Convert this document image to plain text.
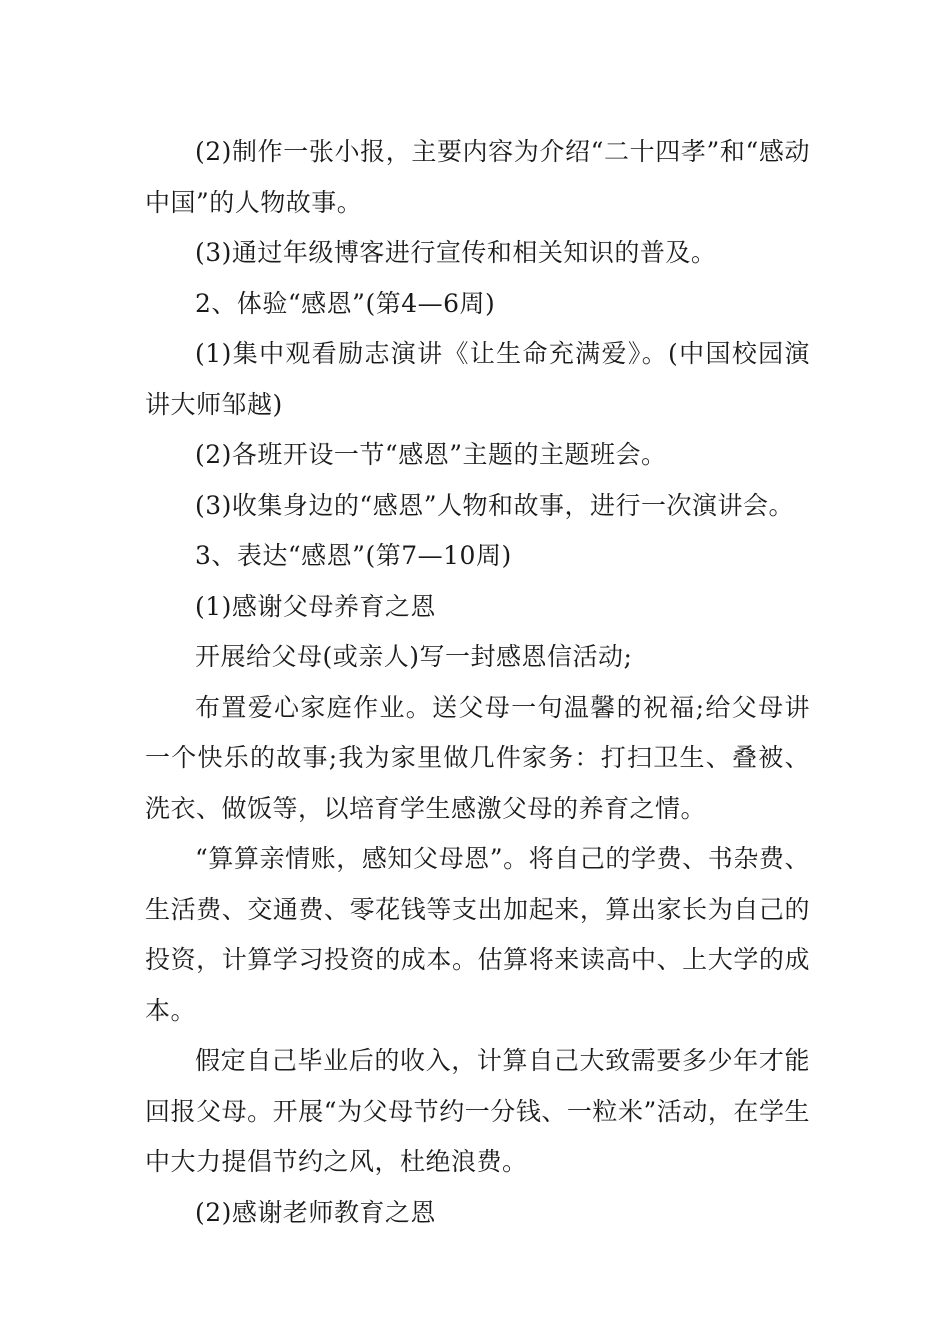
(2)制作一张小报，主要内容为介绍“二十四孝”和“感动中国”的人物故事。

(3)通过年级博客进行宣传和相关知识的普及。

2、体验“感恩”(第4—6周)

(1)集中观看励志演讲《让生命充满爱》。(中国校园演讲大师邹越)

(2)各班开设一节“感恩”主题的主题班会。

(3)收集身边的“感恩”人物和故事，进行一次演讲会。

3、表达“感恩”(第7—10周)

(1)感谢父母养育之恩

开展给父母(或亲人)写一封感恩信活动;

布置爱心家庭作业。送父母一句温馨的祝福;给父母讲一个快乐的故事;我为家里做几件家务：打扫卫生、叠被、洗衣、做饭等，以培育学生感激父母的养育之情。

“算算亲情账，感知父母恩”。将自己的学费、书杂费、生活费、交通费、零花钱等支出加起来，算出家长为自己的投资，计算学习投资的成本。估算将来读高中、上大学的成本。

假定自己毕业后的收入，计算自己大致需要多少年才能回报父母。开展“为父母节约一分钱、一粒米”活动，在学生中大力提倡节约之风，杜绝浪费。

(2)感谢老师教育之恩
